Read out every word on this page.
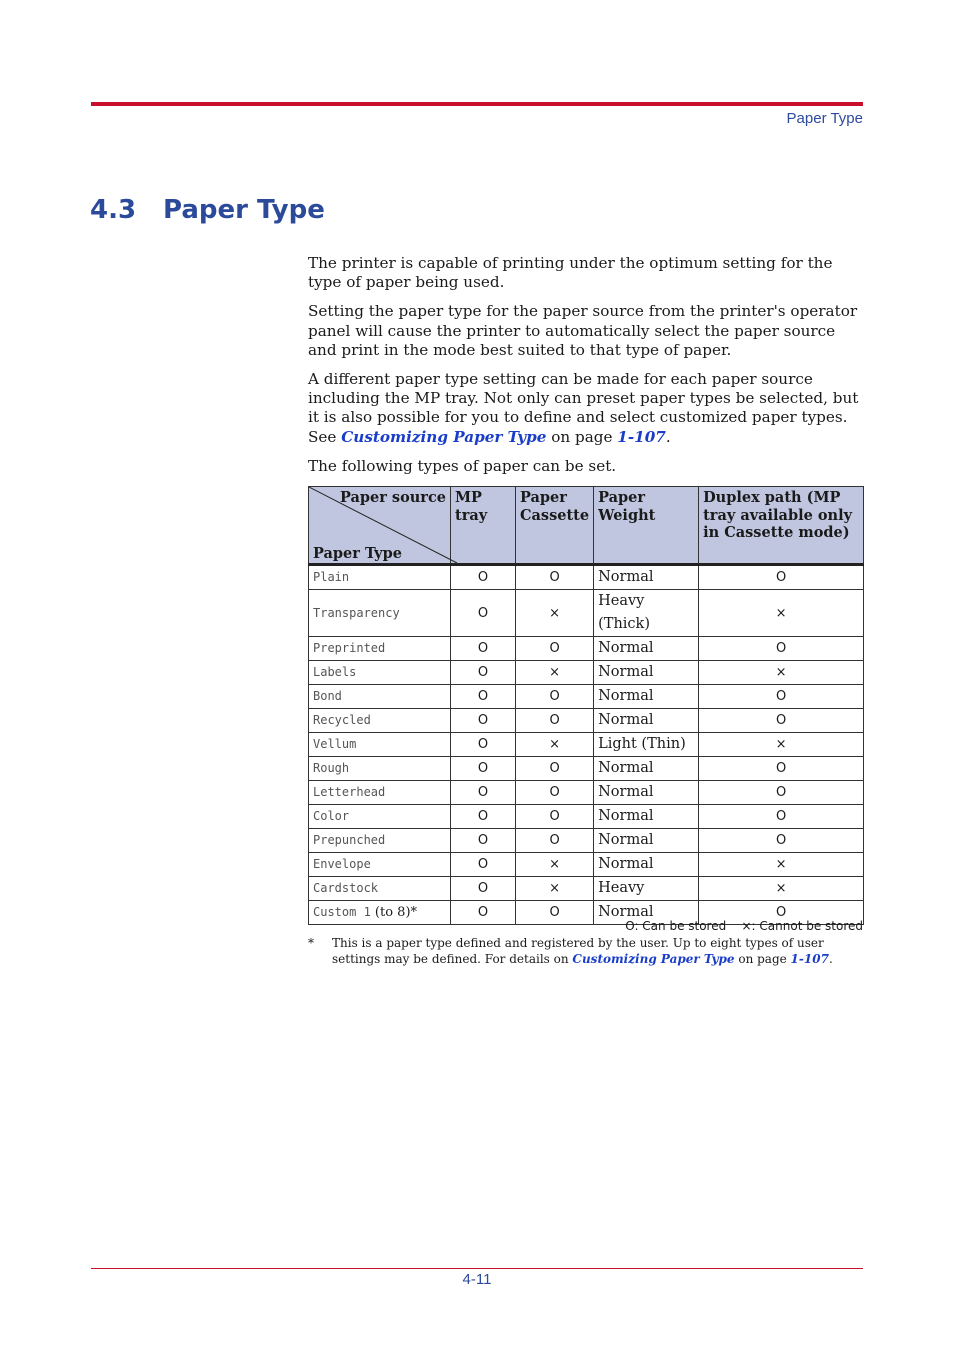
Paper Type
4.3 Paper Type

The printer is capable of printing under the optimum setting for the type of paper being used.

Setting the paper type for the paper source from the printer's operator panel will cause the printer to automatically select the paper source and print in the mode best suited to that type of paper.

A different paper type setting can be made for each paper source including the MP tray. Not only can preset paper types be selected, but it is also possible for you to define and select customized paper types. See Customizing Paper Type on page 1-107.

The following types of paper can be set.

Paper source
Paper Type	MP tray	Paper Cassette	Paper Weight	Duplex path (MP tray available only in Cassette mode)
Plain	O	O	Normal	O
Transparency	O	×	Heavy (Thick)	×
Preprinted	O	O	Normal	O
Labels	O	×	Normal	×
Bond	O	O	Normal	O
Recycled	O	O	Normal	O
Vellum	O	×	Light (Thin)	×
Rough	O	O	Normal	O
Letterhead	O	O	Normal	O
Color	O	O	Normal	O
Prepunched	O	O	Normal	O
Envelope	O	×	Normal	×
Cardstock	O	×	Heavy	×
Custom 1 (to 8)*	O	O	Normal	O
O: Can be stored ×: Cannot be stored
* This is a paper type defined and registered by the user. Up to eight types of user settings may be defined. For details on Customizing Paper Type on page 1-107.
4-11
